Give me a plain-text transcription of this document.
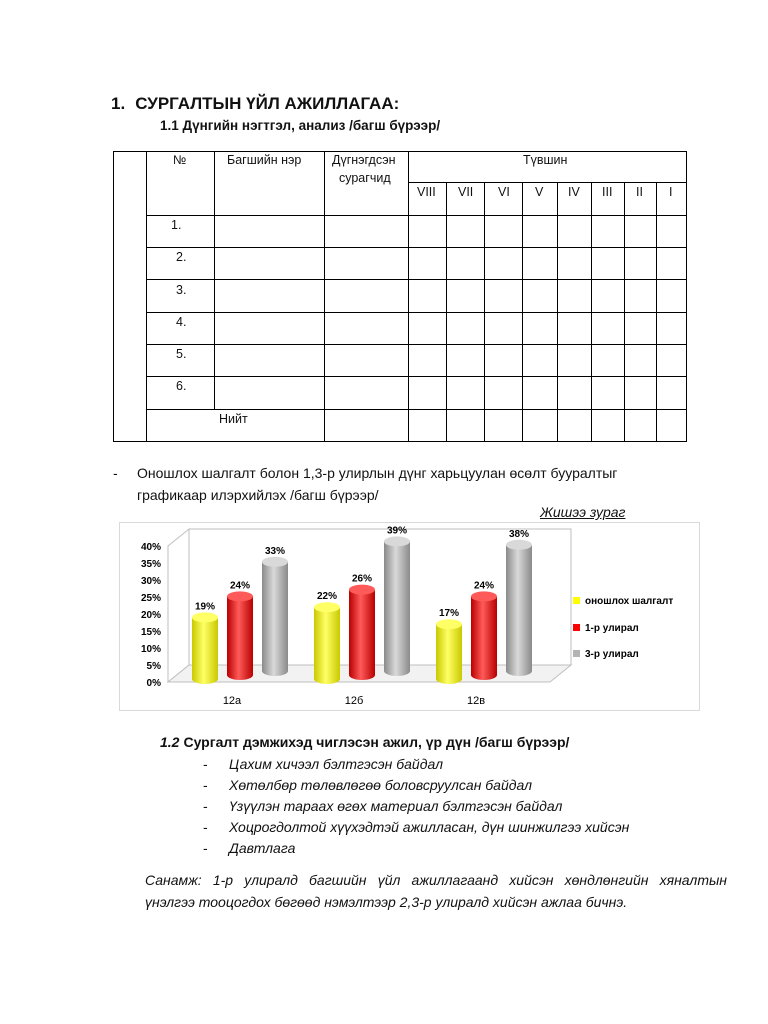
1. СУРГАЛТЫН ҮЙЛ АЖИЛЛАГАА:
1.1 Дүнгийн нэгтгэл, анализ /багш бүрээр/
№	Багшийн нэр Дүгнэгдсэн
сурагчид
Түвшин
VIII VII VI V IV III II I
1.
2.
3.
4.
5.
6.
Нийт
- Оношлох шалгалт болон 1,3-р улирлын дүнг харьцуулан өсөлт бууралтыг
графикаар илэрхийлэх /багш бүрээр/
Жишээ зураг
0%
5%
10%
15%
20%
25%
30%
35%
40%
19%
24%
33%
12а
22%
26%
39%
12б
17%
24%
38%
12в
оношлох шалгалт
1-р улирал
3-р улирал
1.2 Сургалт дэмжихэд чиглэсэн ажил, үр дүн /багш бүрээр/
- Цахим хичээл бэлтгэсэн байдал
- Хөтөлбөр төлөвлөгөө боловсруулсан байдал
- Үзүүлэн тараах өгөх материал бэлтгэсэн байдал
- Хоцрогдолтой хүүхэдтэй ажилласан, дүн шинжилгээ хийсэн
- Давтлага
Санамж: 1-р улиралд багшийн үйл ажиллагаанд хийсэн хөндлөнгийн хяналтын
үнэлгээ тооцогдох бөгөөд нэмэлтээр 2,3-р улиралд хийсэн ажлаа бичнэ.
